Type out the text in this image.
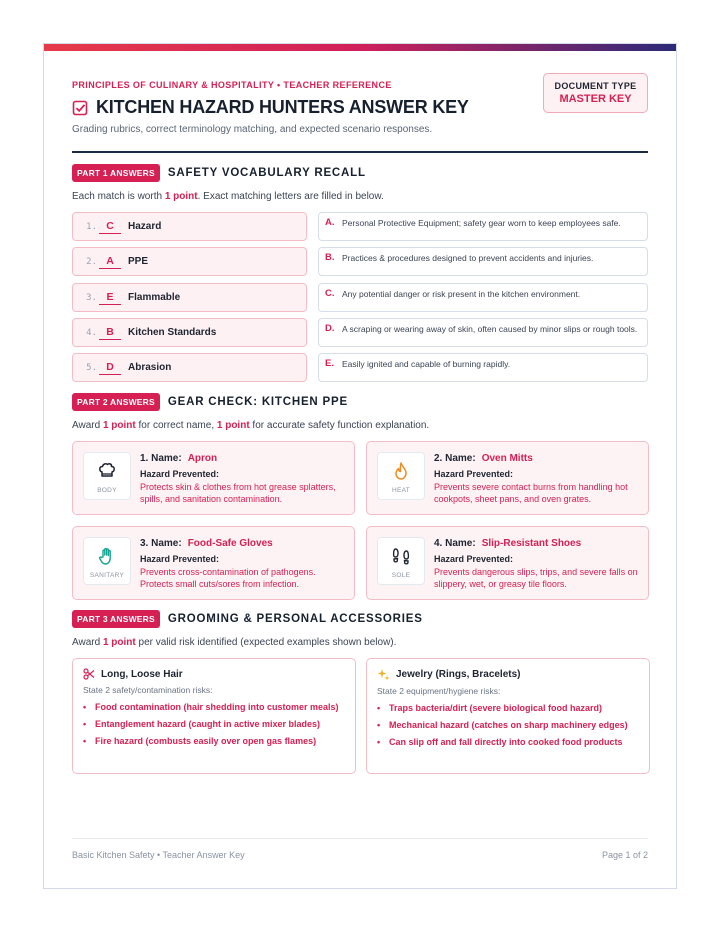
PRINCIPLES OF CULINARY & HOSPITALITY • TEACHER REFERENCE
KITCHEN HAZARD HUNTERS ANSWER KEY
Grading rubrics, correct terminology matching, and expected scenario responses.
DOCUMENT TYPE
MASTER KEY
PART 1 ANSWERS	SAFETY VOCABULARY RECALL
Each match is worth 1 point. Exact matching letters are filled in below.
1. C	Hazard
2. A	PPE
3. E	Flammable
4. B	Kitchen Standards
5. D	Abrasion
A. Personal Protective Equipment; safety gear worn to keep employees safe.
B. Practices & procedures designed to prevent accidents and injuries.
C. Any potential danger or risk present in the kitchen environment.
D. A scraping or wearing away of skin, often caused by minor slips or rough tools.
E. Easily ignited and capable of burning rapidly.
PART 2 ANSWERS	GEAR CHECK: KITCHEN PPE
Award 1 point for correct name, 1 point for accurate safety function explanation.
BODY
1. Name: Apron
Hazard Prevented:
Protects skin & clothes from hot grease splatters, spills, and sanitation contamination.
HEAT
2. Name: Oven Mitts
Hazard Prevented:
Prevents severe contact burns from handling hot cookpots, sheet pans, and oven grates.
SANITARY
3. Name: Food-Safe Gloves
Hazard Prevented:
Prevents cross-contamination of pathogens. Protects small cuts/sores from infection.
SOLE
4. Name: Slip-Resistant Shoes
Hazard Prevented:
Prevents dangerous slips, trips, and severe falls on slippery, wet, or greasy tile floors.
PART 3 ANSWERS	GROOMING & PERSONAL ACCESSORIES
Award 1 point per valid risk identified (expected examples shown below).
Long, Loose Hair
State 2 safety/contamination risks:
• Food contamination (hair shedding into customer meals)
• Entanglement hazard (caught in active mixer blades)
• Fire hazard (combusts easily over open gas flames)
Jewelry (Rings, Bracelets)
State 2 equipment/hygiene risks:
• Traps bacteria/dirt (severe biological food hazard)
• Mechanical hazard (catches on sharp machinery edges)
• Can slip off and fall directly into cooked food products
Basic Kitchen Safety • Teacher Answer Key	Page 1 of 2
